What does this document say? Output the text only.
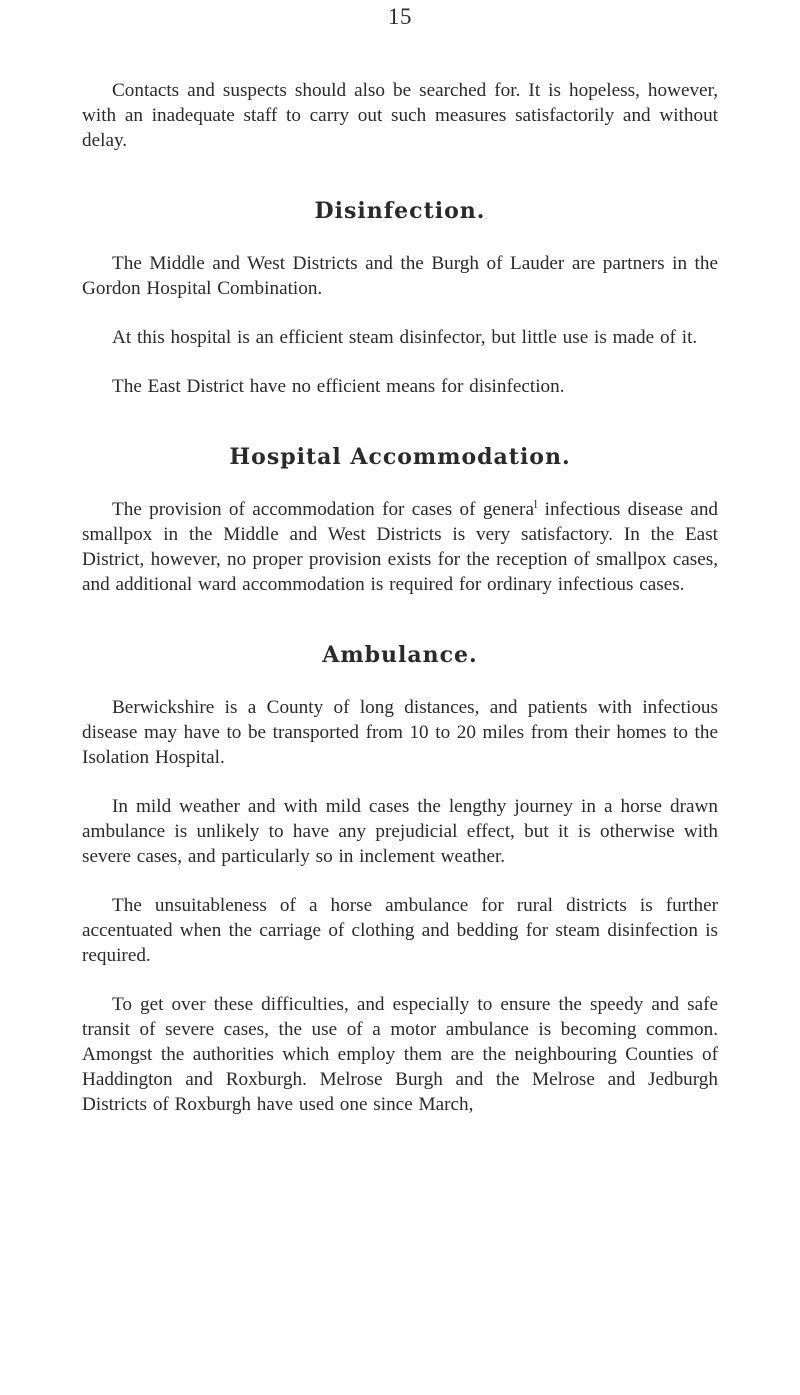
15

Contacts and suspects should also be searched for. It is hopeless, however, with an inadequate staff to carry out such measures satisfactorily and without delay.

Disinfection.

The Middle and West Districts and the Burgh of Lauder are partners in the Gordon Hospital Combination.

At this hospital is an efficient steam disinfector, but little use is made of it.

The East District have no efficient means for disinfection.

Hospital Accommodation.

The provision of accommodation for cases of genera$^l$ infectious disease and smallpox in the Middle and West Districts is very satisfactory. In the East District, however, no proper provision exists for the reception of smallpox cases, and additional ward accommodation is required for ordinary infectious cases.

Ambulance.

Berwickshire is a County of long distances, and patients with infectious disease may have to be transported from 10 to 20 miles from their homes to the Isolation Hospital.

In mild weather and with mild cases the lengthy journey in a horse drawn ambulance is unlikely to have any prejudicial effect, but it is otherwise with severe cases, and particularly so in inclement weather.

The unsuitableness of a horse ambulance for rural districts is further accentuated when the carriage of clothing and bedding for steam disinfection is required.

To get over these difficulties, and especially to ensure the speedy and safe transit of severe cases, the use of a motor ambulance is becoming common. Amongst the authorities which employ them are the neighbouring Counties of Haddington and Roxburgh. Melrose Burgh and the Melrose and Jedburgh Districts of Roxburgh have used one since March,
